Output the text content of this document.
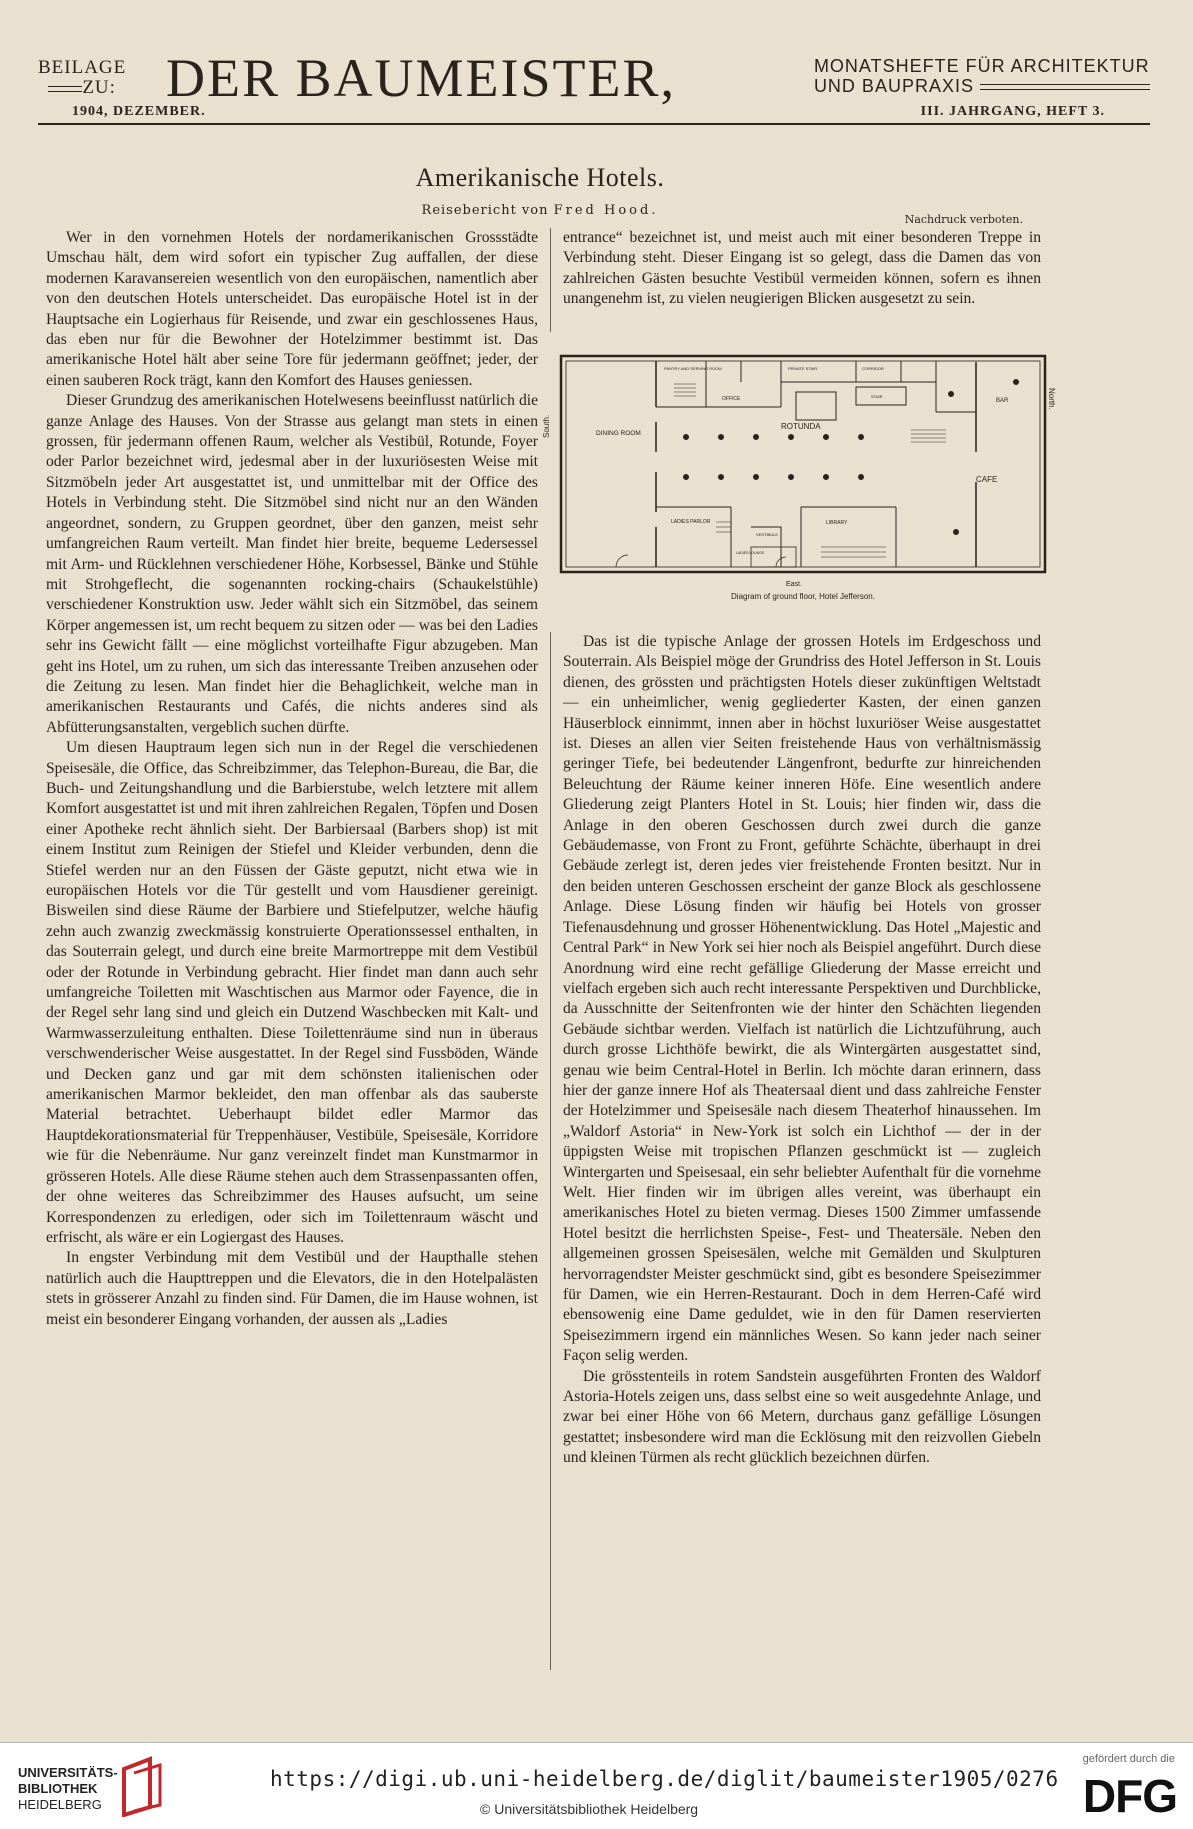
BEILAGE
ZU: DER BAUMEISTER,	MONATSHEFTE FÜR ARCHITEKTUR
UND BAUPRAXIS
1904, DEZEMBER.	III. JAHRGANG, HEFT 3.
Amerikanische Hotels.
Reisebericht von Fred Hood.
Nachdruck verboten.

Wer in den vornehmen Hotels der nordamerikanischen Grossstädte Umschau hält, dem wird sofort ein typischer Zug auffallen, der diese modernen Karavansereien wesentlich von den europäischen, namentlich aber von den deutschen Hotels unterscheidet. Das europäische Hotel ist in der Hauptsache ein Logierhaus für Reisende, und zwar ein geschlossenes Haus, das eben nur für die Bewohner der Hotelzimmer bestimmt ist. Das amerikanische Hotel hält aber seine Tore für jedermann geöffnet; jeder, der einen sauberen Rock trägt, kann den Komfort des Hauses geniessen.

Dieser Grundzug des amerikanischen Hotelwesens beeinflusst natürlich die ganze Anlage des Hauses. Von der Strasse aus gelangt man stets in einen grossen, für jedermann offenen Raum, welcher als Vestibül, Rotunde, Foyer oder Parlor bezeichnet wird, jedesmal aber in der luxuriösesten Weise mit Sitzmöbeln jeder Art ausgestattet ist, und unmittelbar mit der Office des Hotels in Verbindung steht. Die Sitzmöbel sind nicht nur an den Wänden angeordnet, sondern, zu Gruppen geordnet, über den ganzen, meist sehr umfangreichen Raum verteilt. Man findet hier breite, bequeme Ledersessel mit Arm- und Rücklehnen verschiedener Höhe, Korbsessel, Bänke und Stühle mit Strohgeflecht, die sogenannten rocking-chairs (Schaukelstühle) verschiedener Konstruktion usw. Jeder wählt sich ein Sitzmöbel, das seinem Körper angemessen ist, um recht bequem zu sitzen oder — was bei den Ladies sehr ins Gewicht fällt — eine möglichst vorteilhafte Figur abzugeben. Man geht ins Hotel, um zu ruhen, um sich das interessante Treiben anzusehen oder die Zeitung zu lesen. Man findet hier die Behaglichkeit, welche man in amerikanischen Restaurants und Cafés, die nichts anderes sind als Abfütterungsanstalten, vergeblich suchen dürfte.

Um diesen Hauptraum legen sich nun in der Regel die verschiedenen Speisesäle, die Office, das Schreibzimmer, das Telephon-Bureau, die Bar, die Buch- und Zeitungshandlung und die Barbierstube, welch letztere mit allem Komfort ausgestattet ist und mit ihren zahlreichen Regalen, Töpfen und Dosen einer Apotheke recht ähnlich sieht. Der Barbiersaal (Barbers shop) ist mit einem Institut zum Reinigen der Stiefel und Kleider verbunden, denn die Stiefel werden nur an den Füssen der Gäste geputzt, nicht etwa wie in europäischen Hotels vor die Tür gestellt und vom Hausdiener gereinigt. Bisweilen sind diese Räume der Barbiere und Stiefelputzer, welche häufig zehn auch zwanzig zweckmässig konstruierte Operationssessel enthalten, in das Souterrain gelegt, und durch eine breite Marmortreppe mit dem Vestibül oder der Rotunde in Verbindung gebracht. Hier findet man dann auch sehr umfangreiche Toiletten mit Waschtischen aus Marmor oder Fayence, die in der Regel sehr lang sind und gleich ein Dutzend Waschbecken mit Kalt- und Warmwasserzuleitung enthalten. Diese Toilettenräume sind nun in überaus verschwenderischer Weise ausgestattet. In der Regel sind Fussböden, Wände und Decken ganz und gar mit dem schönsten italienischen oder amerikanischen Marmor bekleidet, den man offenbar als das sauberste Material betrachtet. Ueberhaupt bildet edler Marmor das Hauptdekorationsmaterial für Treppenhäuser, Vestibüle, Speisesäle, Korridore wie für die Nebenräume. Nur ganz vereinzelt findet man Kunstmarmor in grösseren Hotels. Alle diese Räume stehen auch dem Strassenpassanten offen, der ohne weiteres das Schreibzimmer des Hauses aufsucht, um seine Korrespondenzen zu erledigen, oder sich im Toilettenraum wäscht und erfrischt, als wäre er ein Logiergast des Hauses.

In engster Verbindung mit dem Vestibül und der Haupthalle stehen natürlich auch die Haupttreppen und die Elevators, die in den Hotelpalästen stets in grösserer Anzahl zu finden sind. Für Damen, die im Hause wohnen, ist meist ein besonderer Eingang vorhanden, der aussen als „Ladies

entrance“ bezeichnet ist, und meist auch mit einer besonderen Treppe in Verbindung steht. Dieser Eingang ist so gelegt, dass die Damen das von zahlreichen Gästen besuchte Vestibül vermeiden können, sofern es ihnen unangenehm ist, zu vielen neugierigen Blicken ausgesetzt zu sein.

DINING ROOM
ROTUNDA
CAFE
BAR
OFFICE
PANTRY AND SERVING ROOM
LADIES PARLOR	LIBRARY
VESTIBULE
LADIES LOUNGE
PRIVATE STAIR	CORRIDOR
STAIR
East.
South.
North.
Diagram of ground floor, Hotel Jefferson.

Das ist die typische Anlage der grossen Hotels im Erdgeschoss und Souterrain. Als Beispiel möge der Grundriss des Hotel Jefferson in St. Louis dienen, des grössten und prächtigsten Hotels dieser zukünftigen Weltstadt — ein unheimlicher, wenig gegliederter Kasten, der einen ganzen Häuserblock einnimmt, innen aber in höchst luxuriöser Weise ausgestattet ist. Dieses an allen vier Seiten freistehende Haus von verhältnismässig geringer Tiefe, bei bedeutender Längenfront, bedurfte zur hinreichenden Beleuchtung der Räume keiner inneren Höfe. Eine wesentlich andere Gliederung zeigt Planters Hotel in St. Louis; hier finden wir, dass die Anlage in den oberen Geschossen durch zwei durch die ganze Gebäudemasse, von Front zu Front, geführte Schächte, überhaupt in drei Gebäude zerlegt ist, deren jedes vier freistehende Fronten besitzt. Nur in den beiden unteren Geschossen erscheint der ganze Block als geschlossene Anlage. Diese Lösung finden wir häufig bei Hotels von grosser Tiefenausdehnung und grosser Höhenentwicklung. Das Hotel „Majestic and Central Park“ in New York sei hier noch als Beispiel angeführt. Durch diese Anordnung wird eine recht gefällige Gliederung der Masse erreicht und vielfach ergeben sich auch recht interessante Perspektiven und Durchblicke, da Ausschnitte der Seitenfronten wie der hinter den Schächten liegenden Gebäude sichtbar werden. Vielfach ist natürlich die Lichtzuführung, auch durch grosse Lichthöfe bewirkt, die als Wintergärten ausgestattet sind, genau wie beim Central-Hotel in Berlin. Ich möchte daran erinnern, dass hier der ganze innere Hof als Theatersaal dient und dass zahlreiche Fenster der Hotelzimmer und Speisesäle nach diesem Theaterhof hinaussehen. Im „Waldorf Astoria“ in New-York ist solch ein Lichthof — der in der üppigsten Weise mit tropischen Pflanzen geschmückt ist — zugleich Wintergarten und Speisesaal, ein sehr beliebter Aufenthalt für die vornehme Welt. Hier finden wir im übrigen alles vereint, was überhaupt ein amerikanisches Hotel zu bieten vermag. Dieses 1500 Zimmer umfassende Hotel besitzt die herrlichsten Speise-, Fest- und Theatersäle. Neben den allgemeinen grossen Speisesälen, welche mit Gemälden und Skulpturen hervorragendster Meister geschmückt sind, gibt es besondere Speisezimmer für Damen, wie ein Herren-Restaurant. Doch in dem Herren-Café wird ebensowenig eine Dame geduldet, wie in den für Damen reservierten Speisezimmern irgend ein männliches Wesen. So kann jeder nach seiner Façon selig werden.

Die grösstenteils in rotem Sandstein ausgeführten Fronten des Waldorf Astoria-Hotels zeigen uns, dass selbst eine so weit ausgedehnte Anlage, und zwar bei einer Höhe von 66 Metern, durchaus ganz gefällige Lösungen gestattet; insbesondere wird man die Ecklösung mit den reizvollen Giebeln und kleinen Türmen als recht glücklich bezeichnen dürfen.

UNIVERSITÄTS-
BIBLIOTHEK
HEIDELBERG
https://digi.ub.uni-heidelberg.de/diglit/baumeister1905/0276
© Universitätsbibliothek Heidelberg
gefördert durch die
DFG
